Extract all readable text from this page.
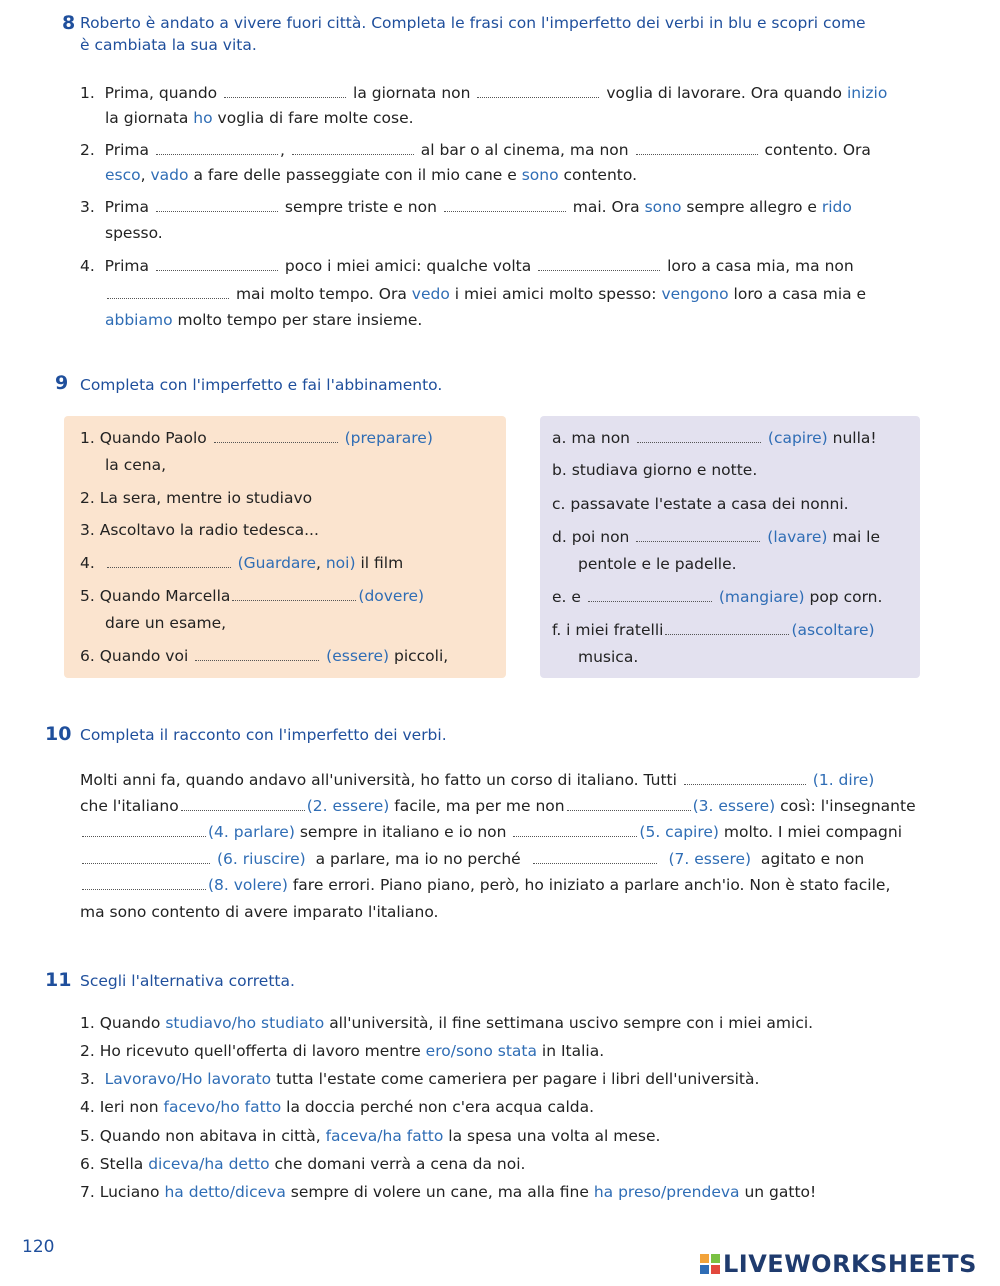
8 Roberto è andato a vivere fuori città. Completa le frasi con l'imperfetto dei verbi in blu e scopri come
è cambiata la sua vita.
1. Prima, quando	la giornata non	voglia di lavorare. Ora quando inizio
la giornata ho voglia di fare molte cose.
2. Prima	,	al bar o al cinema, ma non	contento. Ora
esco, vado a fare delle passeggiate con il mio cane e sono contento.
3. Prima	sempre triste e non	mai. Ora sono sempre allegro e rido
spesso.
4. Prima	poco i miei amici: qualche volta	loro a casa mia, ma non
mai molto tempo. Ora vedo i miei amici molto spesso: vengono loro a casa mia e
abbiamo molto tempo per stare insieme.
9 Completa con l'imperfetto e fai l'abbinamento.
1. Quando Paolo	(preparare)
la cena,
2. La sera, mentre io studiavo
3. Ascoltavo la radio tedesca...
4.	(Guardare, noi) il film
5. Quando Marcella	(dovere)
dare un esame,
6. Quando voi	(essere) piccoli,
a. ma non	(capire) nulla!
b. studiava giorno e notte.
c. passavate l'estate a casa dei nonni.
d. poi non	(lavare) mai le
pentole e le padelle.
e. e	(mangiare) pop corn.
f. i miei fratelli	(ascoltare)
musica.
10 Completa il racconto con l'imperfetto dei verbi.
Molti anni fa, quando andavo all'università, ho fatto un corso di italiano. Tutti	(1. dire)
che l'italiano	(2. essere) facile, ma per me non	(3. essere) così: l'insegnante
(4. parlare) sempre in italiano e io non	(5. capire) molto. I miei compagni
(6. riuscire) a parlare, ma io no perché	(7. essere) agitato e non
(8. volere) fare errori. Piano piano, però, ho iniziato a parlare anch'io. Non è stato facile,
ma sono contento di avere imparato l'italiano.
11 Scegli l'alternativa corretta.
1. Quando studiavo/ho studiato all'università, il fine settimana uscivo sempre con i miei amici.
2. Ho ricevuto quell'offerta di lavoro mentre ero/sono stata in Italia.
3. Lavoravo/Ho lavorato tutta l'estate come cameriera per pagare i libri dell'università.
4. Ieri non facevo/ho fatto la doccia perché non c'era acqua calda.
5. Quando non abitava in città, faceva/ha fatto la spesa una volta al mese.
6. Stella diceva/ha detto che domani verrà a cena da noi.
7. Luciano ha detto/diceva sempre di volere un cane, ma alla fine ha preso/prendeva un gatto!
120
LIVEWORKSHEETS
